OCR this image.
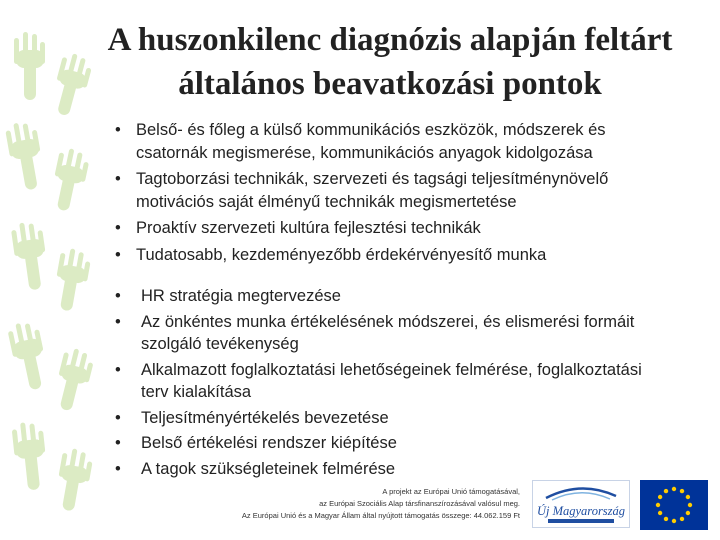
A huszonkilenc diagnózis alapján feltárt
általános beavatkozási pontok
• Belső- és főleg a külső kommunikációs eszközök, módszerek és csatornák megismerése, kommunikációs anyagok kidolgozása
• Tagtoborzási technikák, szervezeti és tagsági teljesítménynövelő motivációs saját élményű technikák megismertetése
• Proaktív szervezeti kultúra fejlesztési technikák
• Tudatosabb, kezdeményezőbb érdekérvényesítő munka
• HR stratégia megtervezése
• Az önkéntes munka értékelésének módszerei, és elismerési formáit szolgáló tevékenység
• Alkalmazott foglalkoztatási lehetőségeinek felmérése, foglalkoztatási terv kialakítása
• Teljesítményértékelés bevezetése
• Belső értékelési rendszer kiépítése
• A tagok szükségleteinek felmérése
A projekt az Európai Unió támogatásával,
az Európai Szociális Alap társfinanszírozásával valósul meg.
Az Európai Unió és a Magyar Állam által nyújtott támogatás összege: 44.062.159 Ft Új Magyarország
